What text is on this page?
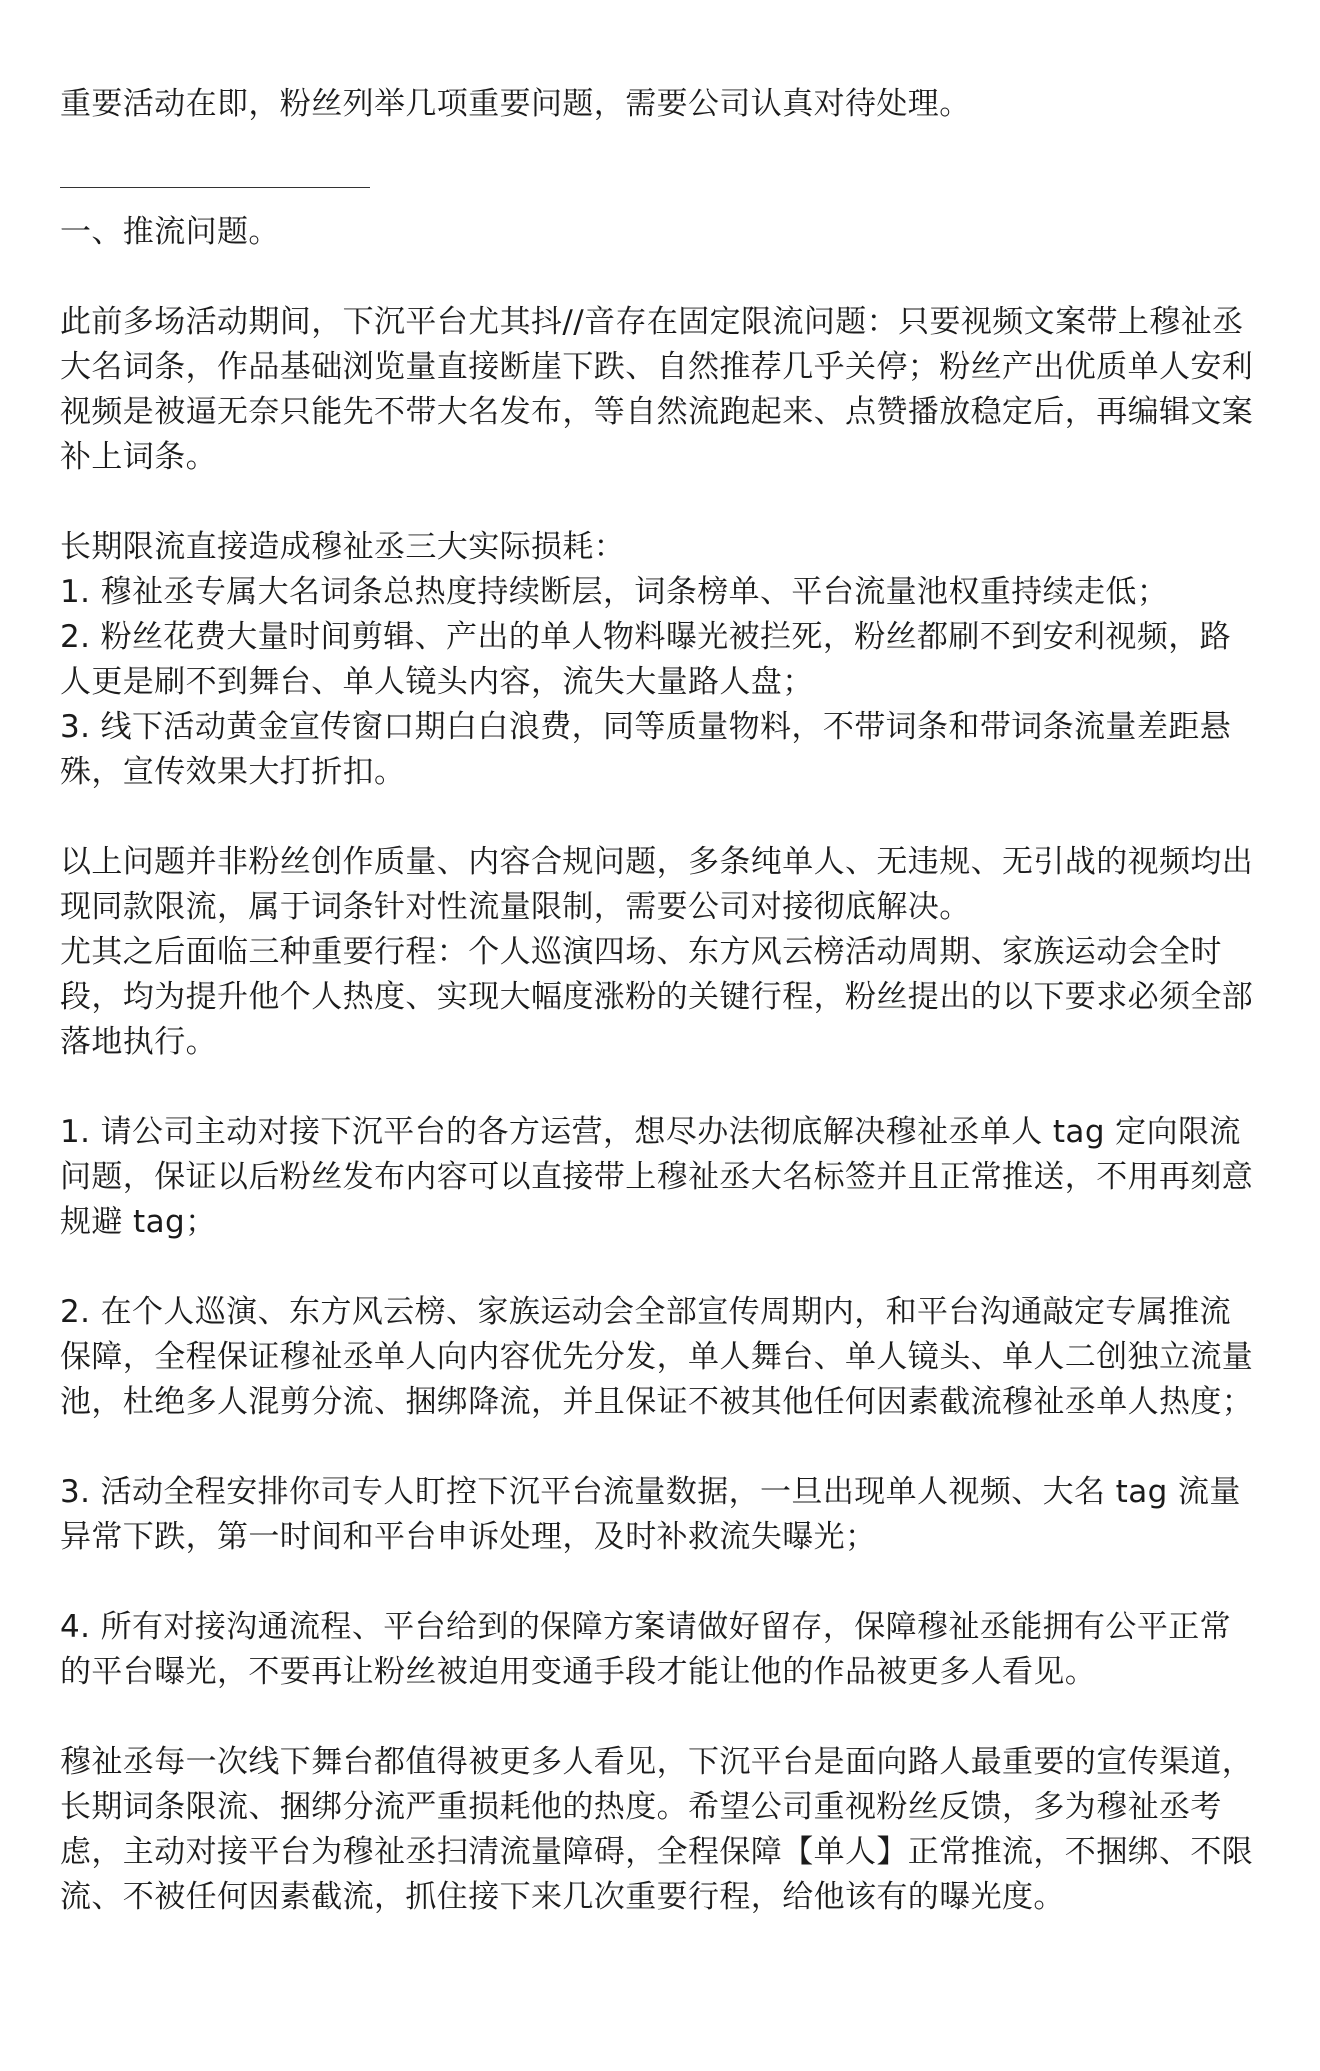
重要活动在即，粉丝列举几项重要问题，需要公司认真对待处理。

一、推流问题。

此前多场活动期间，下沉平台尤其抖//音存在固定限流问题：只要视频文案带上穆祉丞大名词条，作品基础浏览量直接断崖下跌、自然推荐几乎关停；粉丝产出优质单人安利视频是被逼无奈只能先不带大名发布，等自然流跑起来、点赞播放稳定后，再编辑文案补上词条。

长期限流直接造成穆祉丞三大实际损耗：

1. 穆祉丞专属大名词条总热度持续断层，词条榜单、平台流量池权重持续走低；

2. 粉丝花费大量时间剪辑、产出的单人物料曝光被拦死，粉丝都刷不到安利视频，路人更是刷不到舞台、单人镜头内容，流失大量路人盘；

3. 线下活动黄金宣传窗口期白白浪费，同等质量物料，不带词条和带词条流量差距悬殊，宣传效果大打折扣。

以上问题并非粉丝创作质量、内容合规问题，多条纯单人、无违规、无引战的视频均出现同款限流，属于词条针对性流量限制，需要公司对接彻底解决。

尤其之后面临三种重要行程：个人巡演四场、东方风云榜活动周期、家族运动会全时段，均为提升他个人热度、实现大幅度涨粉的关键行程，粉丝提出的以下要求必须全部落地执行。

1. 请公司主动对接下沉平台的各方运营，想尽办法彻底解决穆祉丞单人 tag 定向限流问题，保证以后粉丝发布内容可以直接带上穆祉丞大名标签并且正常推送，不用再刻意规避 tag；

2. 在个人巡演、东方风云榜、家族运动会全部宣传周期内，和平台沟通敲定专属推流保障，全程保证穆祉丞单人向内容优先分发，单人舞台、单人镜头、单人二创独立流量池，杜绝多人混剪分流、捆绑降流，并且保证不被其他任何因素截流穆祉丞单人热度；

3. 活动全程安排你司专人盯控下沉平台流量数据，一旦出现单人视频、大名 tag 流量异常下跌，第一时间和平台申诉处理，及时补救流失曝光；

4. 所有对接沟通流程、平台给到的保障方案请做好留存，保障穆祉丞能拥有公平正常的平台曝光，不要再让粉丝被迫用变通手段才能让他的作品被更多人看见。

穆祉丞每一次线下舞台都值得被更多人看见，下沉平台是面向路人最重要的宣传渠道，长期词条限流、捆绑分流严重损耗他的热度。希望公司重视粉丝反馈，多为穆祉丞考虑，主动对接平台为穆祉丞扫清流量障碍，全程保障【单人】正常推流，不捆绑、不限流、不被任何因素截流，抓住接下来几次重要行程，给他该有的曝光度。
